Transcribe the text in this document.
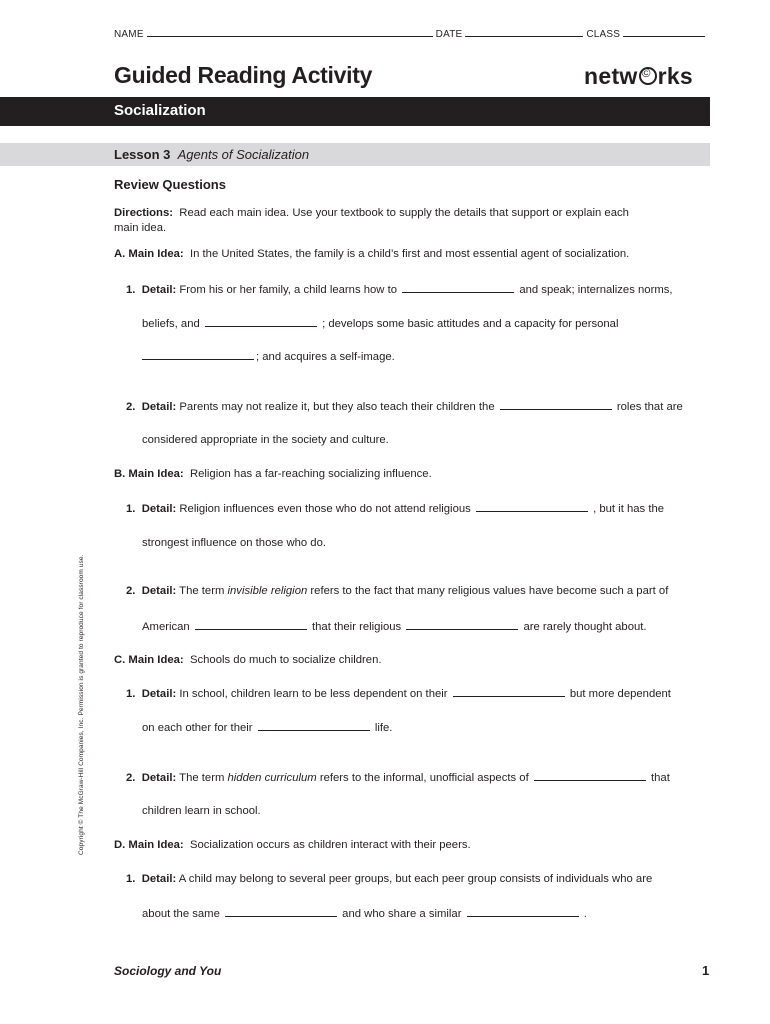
NAME	DATE	CLASS
Guided Reading Activity	netw © rks
Socialization
Lesson 3 Agents of Socialization
Review Questions
Directions: Read each main idea. Use your textbook to supply the details that support or explain each
main idea.
A. Main Idea: In the United States, the family is a child’s first and most essential agent of socialization.
1. Detail: From his or her family, a child learns how to	and speak; internalizes norms,
beliefs, and	; develops some basic attitudes and a capacity for personal
; and acquires a self-image.
2. Detail: Parents may not realize it, but they also teach their children the	roles that are
considered appropriate in the society and culture.
B. Main Idea: Religion has a far-reaching socializing influence.
1. Detail: Religion influences even those who do not attend religious	, but it has the
strongest influence on those who do.
2. Detail: The term invisible religion refers to the fact that many religious values have become such a part of
American	that their religious	are rarely thought about.
C. Main Idea: Schools do much to socialize children.
1. Detail: In school, children learn to be less dependent on their	but more dependent
on each other for their	life.
2. Detail: The term hidden curriculum refers to the informal, unofficial aspects of	that
children learn in school.
D. Main Idea: Socialization occurs as children interact with their peers.
1. Detail: A child may belong to several peer groups, but each peer group consists of individuals who are
about the same	and who share a similar	.
Copyright © The McGraw-Hill Companies, Inc. Permission is granted to reproduce for classroom use.
Sociology and You	1
